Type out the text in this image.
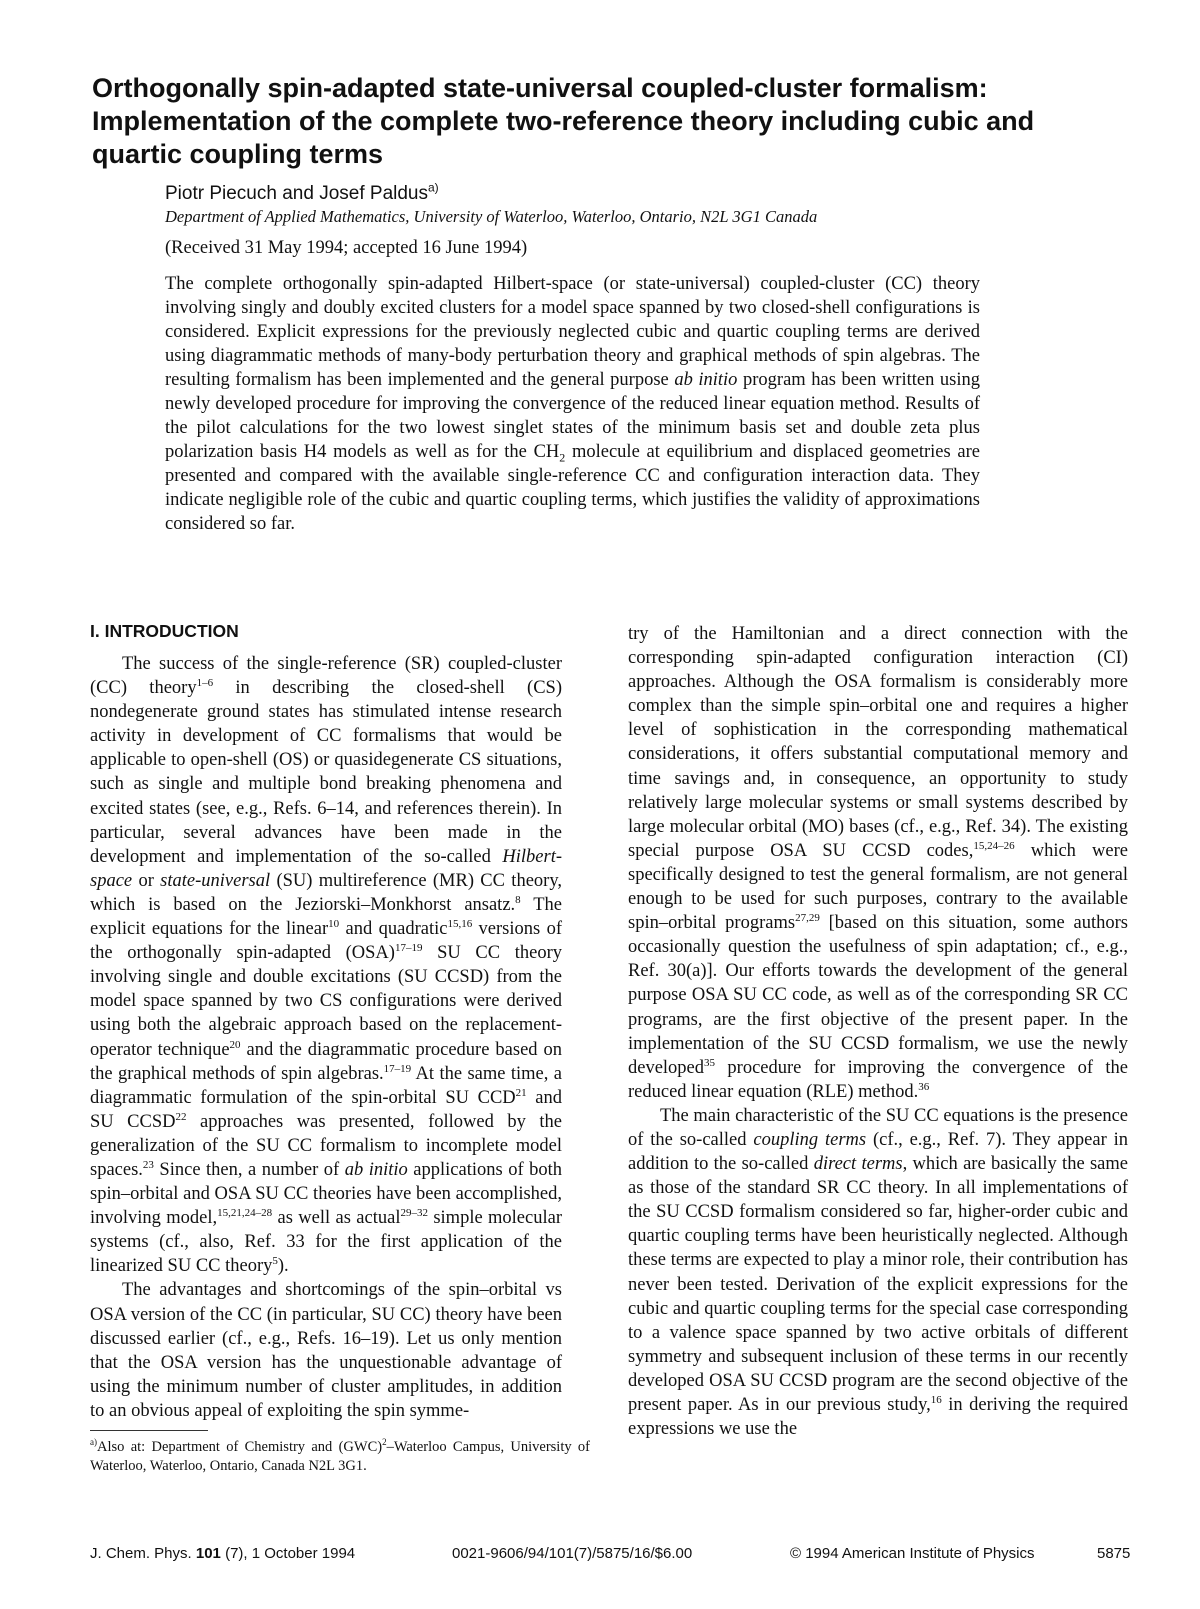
Orthogonally spin-adapted state-universal coupled-cluster formalism: Implementation of the complete two-reference theory including cubic and quartic coupling terms

Piotr Piecuch and Josef Paldus$^{a)}$

Department of Applied Mathematics, University of Waterloo, Waterloo, Ontario, N2L 3G1 Canada

(Received 31 May 1994; accepted 16 June 1994)

The complete orthogonally spin-adapted Hilbert-space (or state-universal) coupled-cluster (CC) theory involving singly and doubly excited clusters for a model space spanned by two closed-shell configurations is considered. Explicit expressions for the previously neglected cubic and quartic coupling terms are derived using diagrammatic methods of many-body perturbation theory and graphical methods of spin algebras. The resulting formalism has been implemented and the general purpose ab initio program has been written using newly developed procedure for improving the convergence of the reduced linear equation method. Results of the pilot calculations for the two lowest singlet states of the minimum basis set and double zeta plus polarization basis H4 models as well as for the $CH_2$ molecule at equilibrium and displaced geometries are presented and compared with the available single-reference CC and configuration interaction data. They indicate negligible role of the cubic and quartic coupling terms, which justifies the validity of approximations considered so far.

I. INTRODUCTION

The success of the single-reference (SR) coupled-cluster (CC) theory$^{1-6}$ in describing the closed-shell (CS) nondegenerate ground states has stimulated intense research activity in development of CC formalisms that would be applicable to open-shell (OS) or quasidegenerate CS situations, such as single and multiple bond breaking phenomena and excited states (see, e.g., Refs. 6–14, and references therein). In particular, several advances have been made in the development and implementation of the so-called Hilbert-space or state-universal (SU) multireference (MR) CC theory, which is based on the Jeziorski–Monkhorst ansatz.$^8$ The explicit equations for the linear$^{10}$ and quadratic$^{15,16}$ versions of the orthogonally spin-adapted (OSA)$^{17-19}$ SU CC theory involving single and double excitations (SU CCSD) from the model space spanned by two CS configurations were derived using both the algebraic approach based on the replacement-operator technique$^{20}$ and the diagrammatic procedure based on the graphical methods of spin algebras.$^{17-19}$ At the same time, a diagrammatic formulation of the spin-orbital SU CCD$^{21}$ and SU CCSD$^{22}$ approaches was presented, followed by the generalization of the SU CC formalism to incomplete model spaces.$^{23}$ Since then, a number of ab initio applications of both spin–orbital and OSA SU CC theories have been accomplished, involving model,$^{15,21,24-28}$ as well as actual$^{29-32}$ simple molecular systems (cf., also, Ref. 33 for the first application of the linearized SU CC theory$^5$).

The advantages and shortcomings of the spin–orbital vs OSA version of the CC (in particular, SU CC) theory have been discussed earlier (cf., e.g., Refs. 16–19). Let us only mention that the OSA version has the unquestionable advantage of using the minimum number of cluster amplitudes, in addition to an obvious appeal of exploiting the spin symme-

try of the Hamiltonian and a direct connection with the corresponding spin-adapted configuration interaction (CI) approaches. Although the OSA formalism is considerably more complex than the simple spin–orbital one and requires a higher level of sophistication in the corresponding mathematical considerations, it offers substantial computational memory and time savings and, in consequence, an opportunity to study relatively large molecular systems or small systems described by large molecular orbital (MO) bases (cf., e.g., Ref. 34). The existing special purpose OSA SU CCSD codes,$^{15,24-26}$ which were specifically designed to test the general formalism, are not general enough to be used for such purposes, contrary to the available spin–orbital programs$^{27,29}$ [based on this situation, some authors occasionally question the usefulness of spin adaptation; cf., e.g., Ref. 30(a)]. Our efforts towards the development of the general purpose OSA SU CC code, as well as of the corresponding SR CC programs, are the first objective of the present paper. In the implementation of the SU CCSD formalism, we use the newly developed$^{35}$ procedure for improving the convergence of the reduced linear equation (RLE) method.$^{36}$

The main characteristic of the SU CC equations is the presence of the so-called coupling terms (cf., e.g., Ref. 7). They appear in addition to the so-called direct terms, which are basically the same as those of the standard SR CC theory. In all implementations of the SU CCSD formalism considered so far, higher-order cubic and quartic coupling terms have been heuristically neglected. Although these terms are expected to play a minor role, their contribution has never been tested. Derivation of the explicit expressions for the cubic and quartic coupling terms for the special case corresponding to a valence space spanned by two active orbitals of different symmetry and subsequent inclusion of these terms in our recently developed OSA SU CCSD program are the second objective of the present paper. As in our previous study,$^{16}$ in deriving the required expressions we use the

$^{a)}$Also at: Department of Chemistry and (GWC)$^2$–Waterloo Campus, University of Waterloo, Waterloo, Ontario, Canada N2L 3G1.

J. Chem. Phys. 101 (7), 1 October 1994	0021-9606/94/101(7)/5875/16/$6.00	© 1994 American Institute of Physics	5875
